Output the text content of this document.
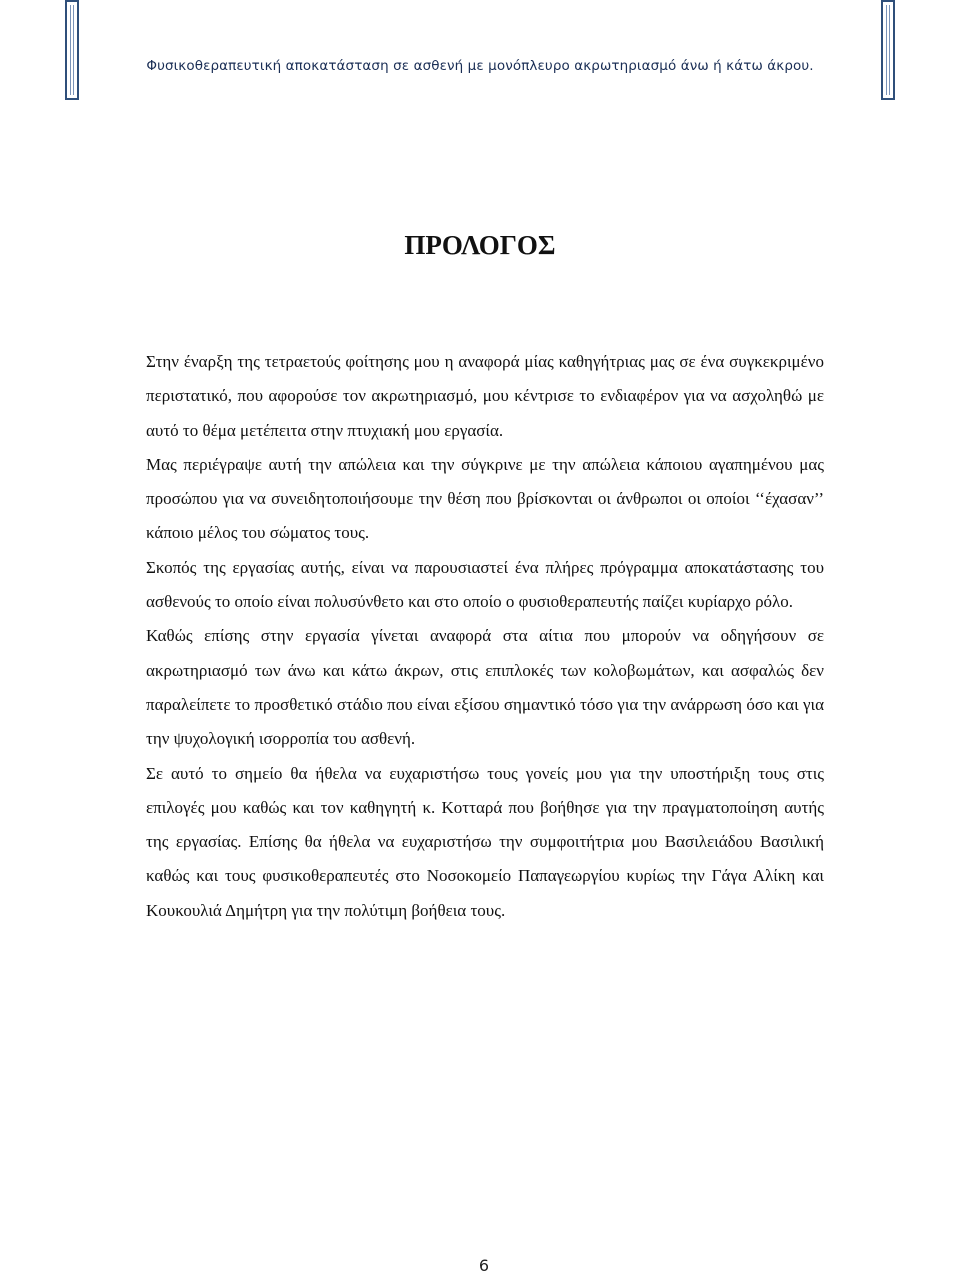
Φυσικοθεραπευτική αποκατάσταση σε ασθενή με μονόπλευρο ακρωτηριασμό άνω ή κάτω άκρου.
ΠΡΟΛΟΓΟΣ

Στην έναρξη της τετραετούς φοίτησης μου η αναφορά μίας καθηγήτριας μας σε ένα συγκεκριμένο περιστατικό, που αφορούσε τον ακρωτηριασμό, μου κέντρισε το ενδιαφέρον για να ασχοληθώ με αυτό το θέμα μετέπειτα στην πτυχιακή μου εργασία.

Μας περιέγραψε αυτή την απώλεια και την σύγκρινε με την απώλεια κάποιου αγαπημένου μας προσώπου για να συνειδητοποιήσουμε την θέση που βρίσκονται οι άνθρωποι οι οποίοι ‘‘έχασαν’’ κάποιο μέλος του σώματος τους.

Σκοπός της εργασίας αυτής, είναι να παρουσιαστεί ένα πλήρες πρόγραμμα αποκατάστασης του ασθενούς το οποίο είναι πολυσύνθετο και στο οποίο ο φυσιοθεραπευτής παίζει κυρίαρχο ρόλο.

Καθώς επίσης στην εργασία γίνεται αναφορά στα αίτια που μπορούν να οδηγήσουν σε ακρωτηριασμό των άνω και κάτω άκρων, στις επιπλοκές των κολοβωμάτων, και ασφαλώς δεν παραλείπετε το προσθετικό στάδιο που είναι εξίσου σημαντικό τόσο για την ανάρρωση όσο και για την ψυχολογική ισορροπία του ασθενή.

Σε αυτό το σημείο θα ήθελα να ευχαριστήσω τους γονείς μου για την υποστήριξη τους στις επιλογές μου καθώς και τον καθηγητή κ. Κοτταρά που βοήθησε για την πραγματοποίηση αυτής της εργασίας. Επίσης θα ήθελα να ευχαριστήσω την συμφοιτήτρια μου Βασιλειάδου Βασιλική καθώς και τους φυσικοθεραπευτές στο Νοσοκομείο Παπαγεωργίου κυρίως την Γάγα Αλίκη και Κουκουλιά Δημήτρη για την πολύτιμη βοήθεια τους.

6
